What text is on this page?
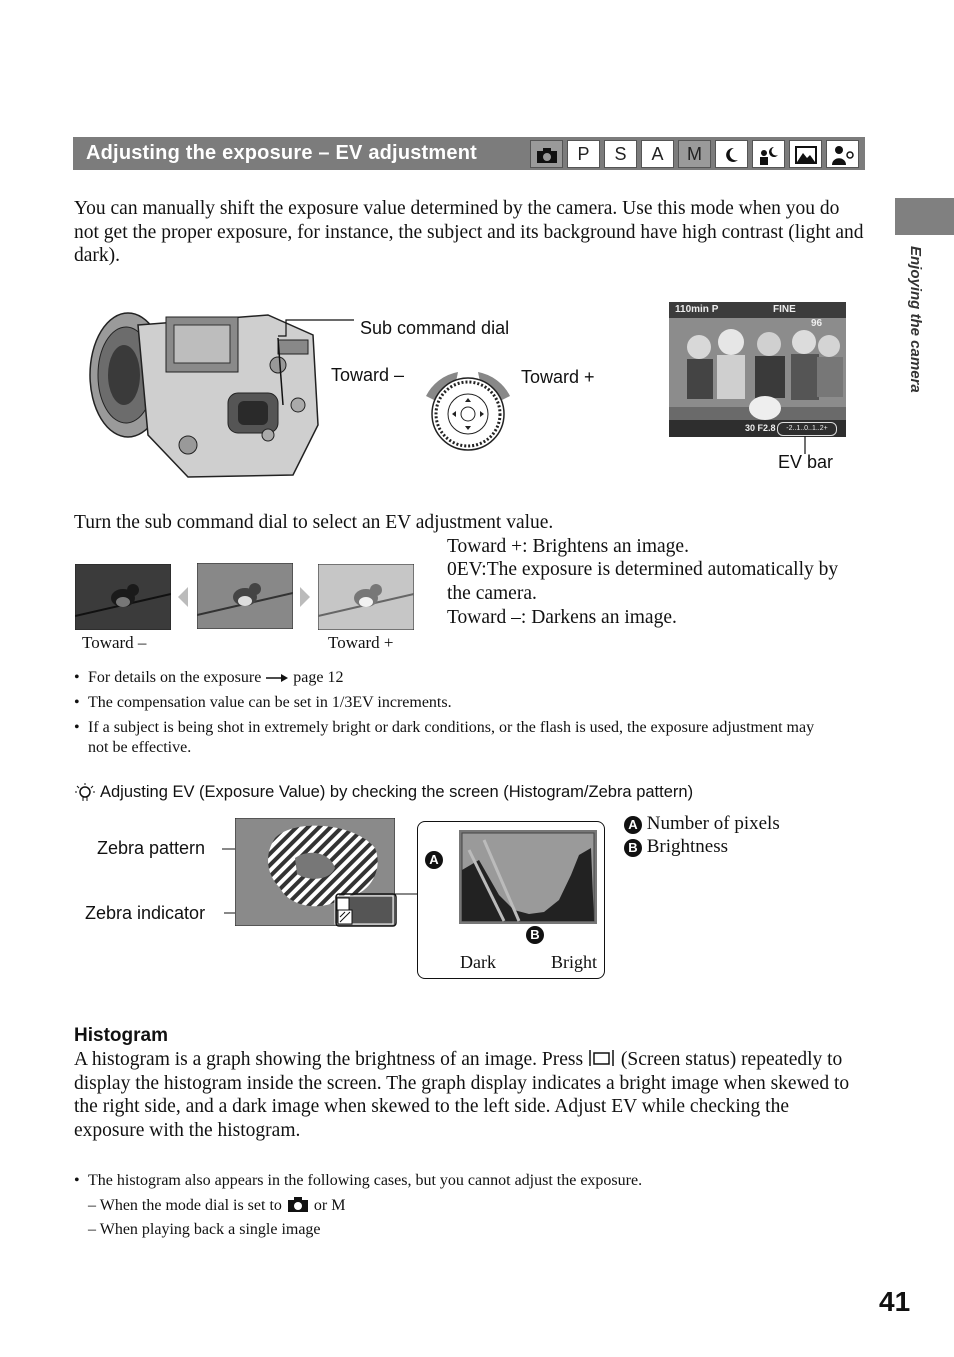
Adjusting the exposure – EV adjustment	P	S	A	M
Enjoying the camera
You can manually shift the exposure value determined by the camera. Use this mode when you do not get the proper exposure, for instance, the subject and its background have high contrast (light and dark).
Sub command dial
Toward –	Toward +
110min P	FINE
96
30 F2.8	-2..1..0..1..2+
EV bar
Turn the sub command dial to select an EV adjustment value.
Toward –	Toward +
Toward +: Brightens an image.
0EV:The exposure is determined automatically by the camera.
Toward –: Darkens an image.
• For details on the exposure page 12
• The compensation value can be set in 1/3EV increments.
• If a subject is being shot in extremely bright or dark conditions, or the flash is used, the exposure adjustment may not be effective.
Adjusting EV (Exposure Value) by checking the screen (Histogram/Zebra pattern)
Zebra pattern
Zebra indicator
A
B
Dark	Bright
A Number of pixels
B Brightness
Histogram
A histogram is a graph showing the brightness of an image. Press (Screen status) repeatedly to display the histogram inside the screen. The graph display indicates a bright image when skewed to the right side, and a dark image when skewed to the left side. Adjust EV while checking the exposure with the histogram.
• The histogram also appears in the following cases, but you cannot adjust the exposure.
– When the mode dial is set to or M
– When playing back a single image
41
